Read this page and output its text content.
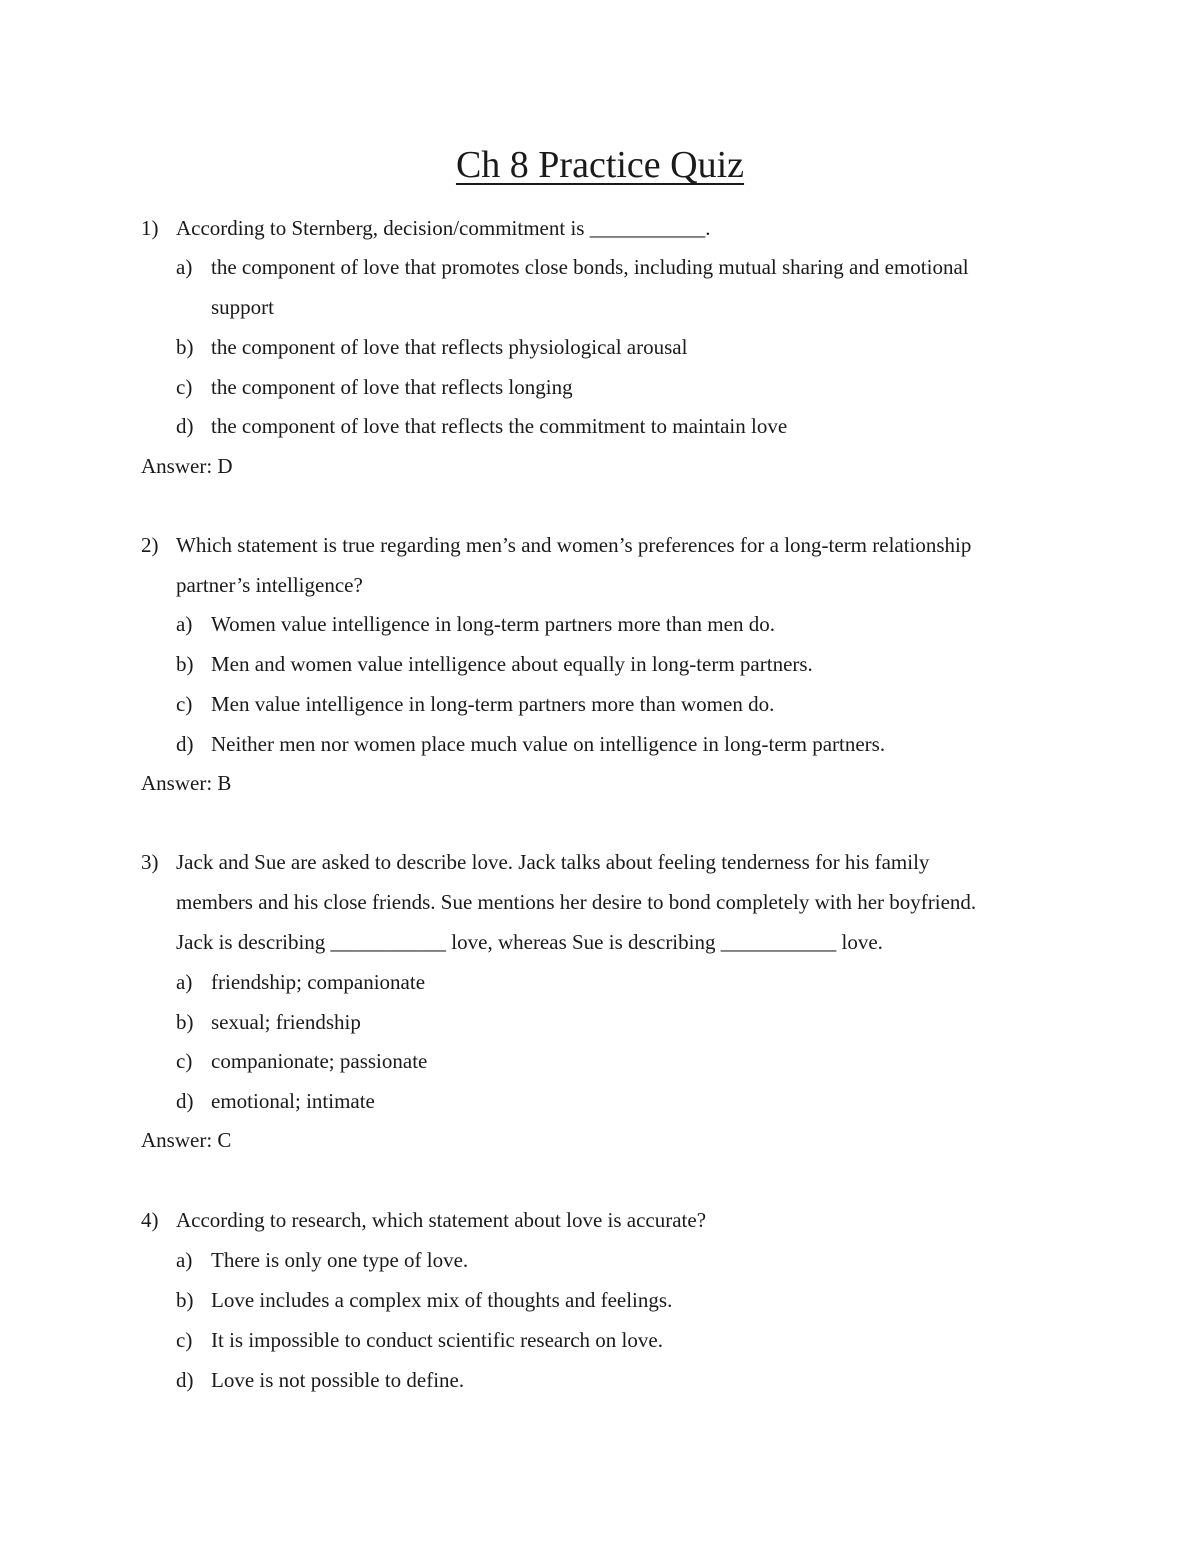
Ch 8 Practice Quiz
1) According to Sternberg, decision/commitment is ___________.
a) the component of love that promotes close bonds, including mutual sharing and emotional
support
b) the component of love that reflects physiological arousal
c) the component of love that reflects longing
d) the component of love that reflects the commitment to maintain love
Answer: D
2) Which statement is true regarding men’s and women’s preferences for a long-term relationship
partner’s intelligence?
a) Women value intelligence in long-term partners more than men do.
b) Men and women value intelligence about equally in long-term partners.
c) Men value intelligence in long-term partners more than women do.
d) Neither men nor women place much value on intelligence in long-term partners.
Answer: B
3) Jack and Sue are asked to describe love. Jack talks about feeling tenderness for his family
members and his close friends. Sue mentions her desire to bond completely with her boyfriend.
Jack is describing ___________ love, whereas Sue is describing ___________ love.
a) friendship; companionate
b) sexual; friendship
c) companionate; passionate
d) emotional; intimate
Answer: C
4) According to research, which statement about love is accurate?
a) There is only one type of love.
b) Love includes a complex mix of thoughts and feelings.
c) It is impossible to conduct scientific research on love.
d) Love is not possible to define.
